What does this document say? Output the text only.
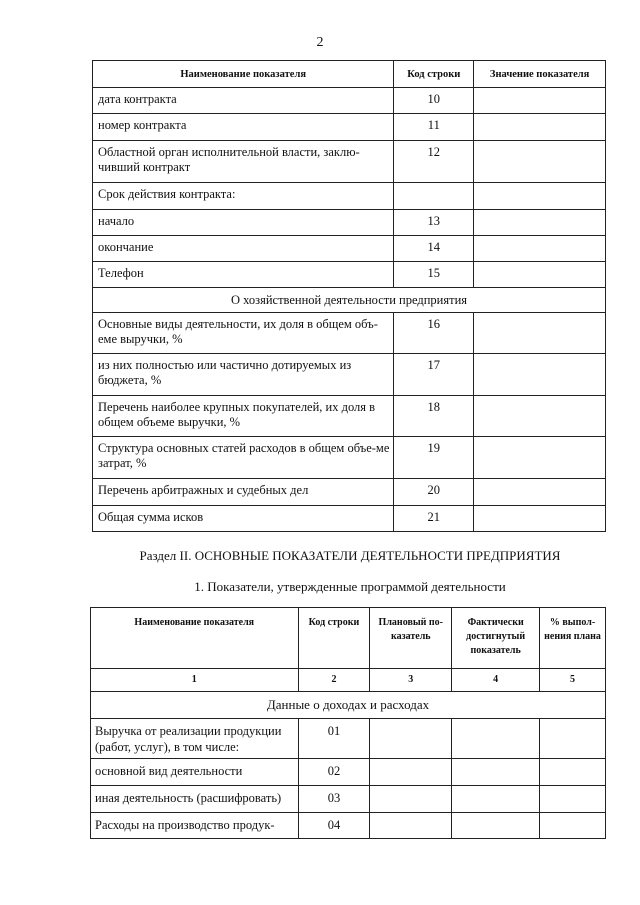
2
Наименование показателя	Код строки	Значение показателя
дата контракта	10	
номер контракта	11	
Областной орган исполнительной власти, заклю-чивший контракт	12	
Срок действия контракта:		
начало	13	
окончание	14	
Телефон	15	
О хозяйственной деятельности предприятия		
Основные виды деятельности, их доля в общем объ-еме выручки, %	16	
из них полностью или частично дотируемых из бюджета, %	17	
Перечень наиболее крупных покупателей, их доля в общем объеме выручки, %	18	
Структура основных статей расходов в общем объе-ме затрат, %	19	
Перечень арбитражных и судебных дел	20	
Общая сумма исков	21	
Раздел II. ОСНОВНЫЕ ПОКАЗАТЕЛИ ДЕЯТЕЛЬНОСТИ ПРЕДПРИЯТИЯ
1. Показатели, утвержденные программой деятельности
Наименование показателя	Код строки	Плановый по-казатель	Фактически достигнутый показатель	% выпол-нения плана
1	2	3	4	5
Данные о доходах и расходах				
Выручка от реализации продукции (работ, услуг), в том числе:	01			
основной вид деятельности	02			
иная деятельность (расшифровать)	03			
Расходы на производство продук-	04			
